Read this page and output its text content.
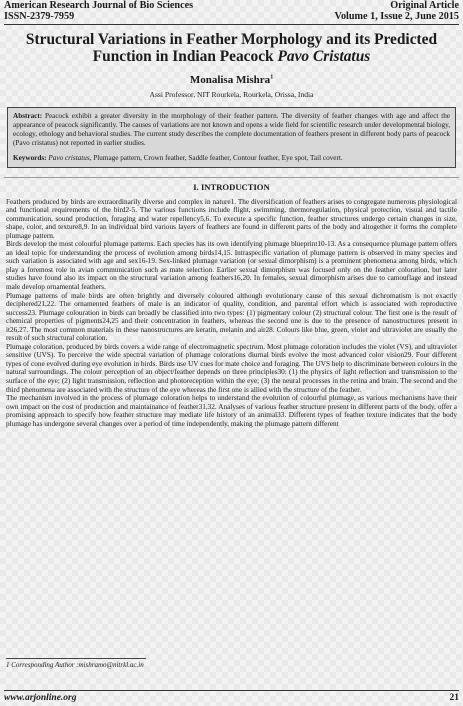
American Research Journal of Bio Sciences	Original Article
ISSN-2379-7959	Volume 1, Issue 2, June 2015
Structural Variations in Feather Morphology and its Predicted Function in Indian Peacock Pavo Cristatus
Monalisa Mishra$^1$
Assi Professor, NIT Rourkela, Rourkela, Orissa, India
Abstract: Peacock exhibit a greater diversity in the morphology of their feather pattern. The diversity of feather changes with age and affect the appearance of peacock significantly. The causes of variations are not known and opens a wide field for scientific research under developmental biology, ecology, ethology and behavioral studies. The current study describes the complete documentation of feathers present in different body parts of peacock (Pavo cristatus) not reported in earlier studies.
Keywords: Pavo cristatus, Plumage pattern, Crown feather, Saddle feather, Contour feather, Eye spot, Tail covert.
I. INTRODUCTION
Feathers produced by birds are extraordinarily diverse and complex in nature1. The diversification of feathers arises to congregate numerous physiological and functional requirements of the bird2-5. The various functions include flight, swimming, thermoregulation, physical protection, visual and tactile communication, sound production, foraging and water repellency5,6. To execute a specific function, feather structures undergo certain changes in size, shape, color, and texture8,9. In an individual bird various layers of feathers are found in different parts of the body and altogether it forms the complete plumage pattern.
Birds develop the most colourful plumage patterns. Each species has its own identifying plumage blueprint10-13. As a consequence plumage pattern offers an ideal topic for understanding the process of evolution among birds14,15. Intraspecific variation of plumage pattern is observed in many species and such variation is associated with age and sex16-19. Sex-linked plumage variation (or sexual dimorphism) is a prominent phenomena among birds, which play a foremost role in avian communication such as mate selection. Earlier sexual dimorphism was focused only on the feather coloration, but later studies have found also its impact on the structural variation among feathers16,20. In females, sexual dimorphism arises due to camouflage and instead male develop ornamental feathers.
Plumage patterns of male birds are often brightly and diversely coloured although evolutionary cause of this sexual dichromatism is not exactly deciphered21,22. The ornamented feathers of male is an indicator of quality, condition, and parental effort which is associated with reproductive success23. Plumage colouration in birds can broadly be classified into two types: (1) pigmentary colour (2) structural colour. The first one is the result of chemical properties of pigments24,25 and their concentration in feathers, whereas the second one is due to the presence of nanostructures present in it26,27. The most common materials in these nanostructures are keratin, melanin and air28. Colours like blue, green, violet and ultraviolet are usually the result of such structural coloration.
Plumage coloration, produced by birds covers a wide range of electromagnetic spectrum. Most plumage coloration includes the violet (VS), and ultraviolet sensitive (UVS). To perceive the wide spectral variation of plumage colorations diurnal birds evolve the most advanced color vision29. Four different types of cone evolved during eye evolution in birds. Birds use UV cues for mate choice and foraging. The UVS help to discriminate between colours in the natural surroundings. The colour perception of an object/feather depends on three principles30: (1) the physics of light reflection and transmission to the surface of the eye; (2) light transmission, reflection and photoreception within the eye; (3) the neural processes in the retina and brain. The second and the third phenomena are associated with the structure of the eye whereas the first one is allied with the structure of the feather.
The mechanism involved in the process of plumage coloration helps to understand the evolution of colourful plumage, as various mechanisms have their own impact on the cost of production and maintainance of feather31,32. Analyses of various feather structure present in different parts of the body, offer a promising approach to specify how feather structure may mediate life history of an animal33. Different types of feather texture indicates that the body plumage has undergone several changes over a period of time independently, making the plumage pattern different
1 Corresponding Author :mishramo@nitrkl.ac.in
www.arjonline.org	21
